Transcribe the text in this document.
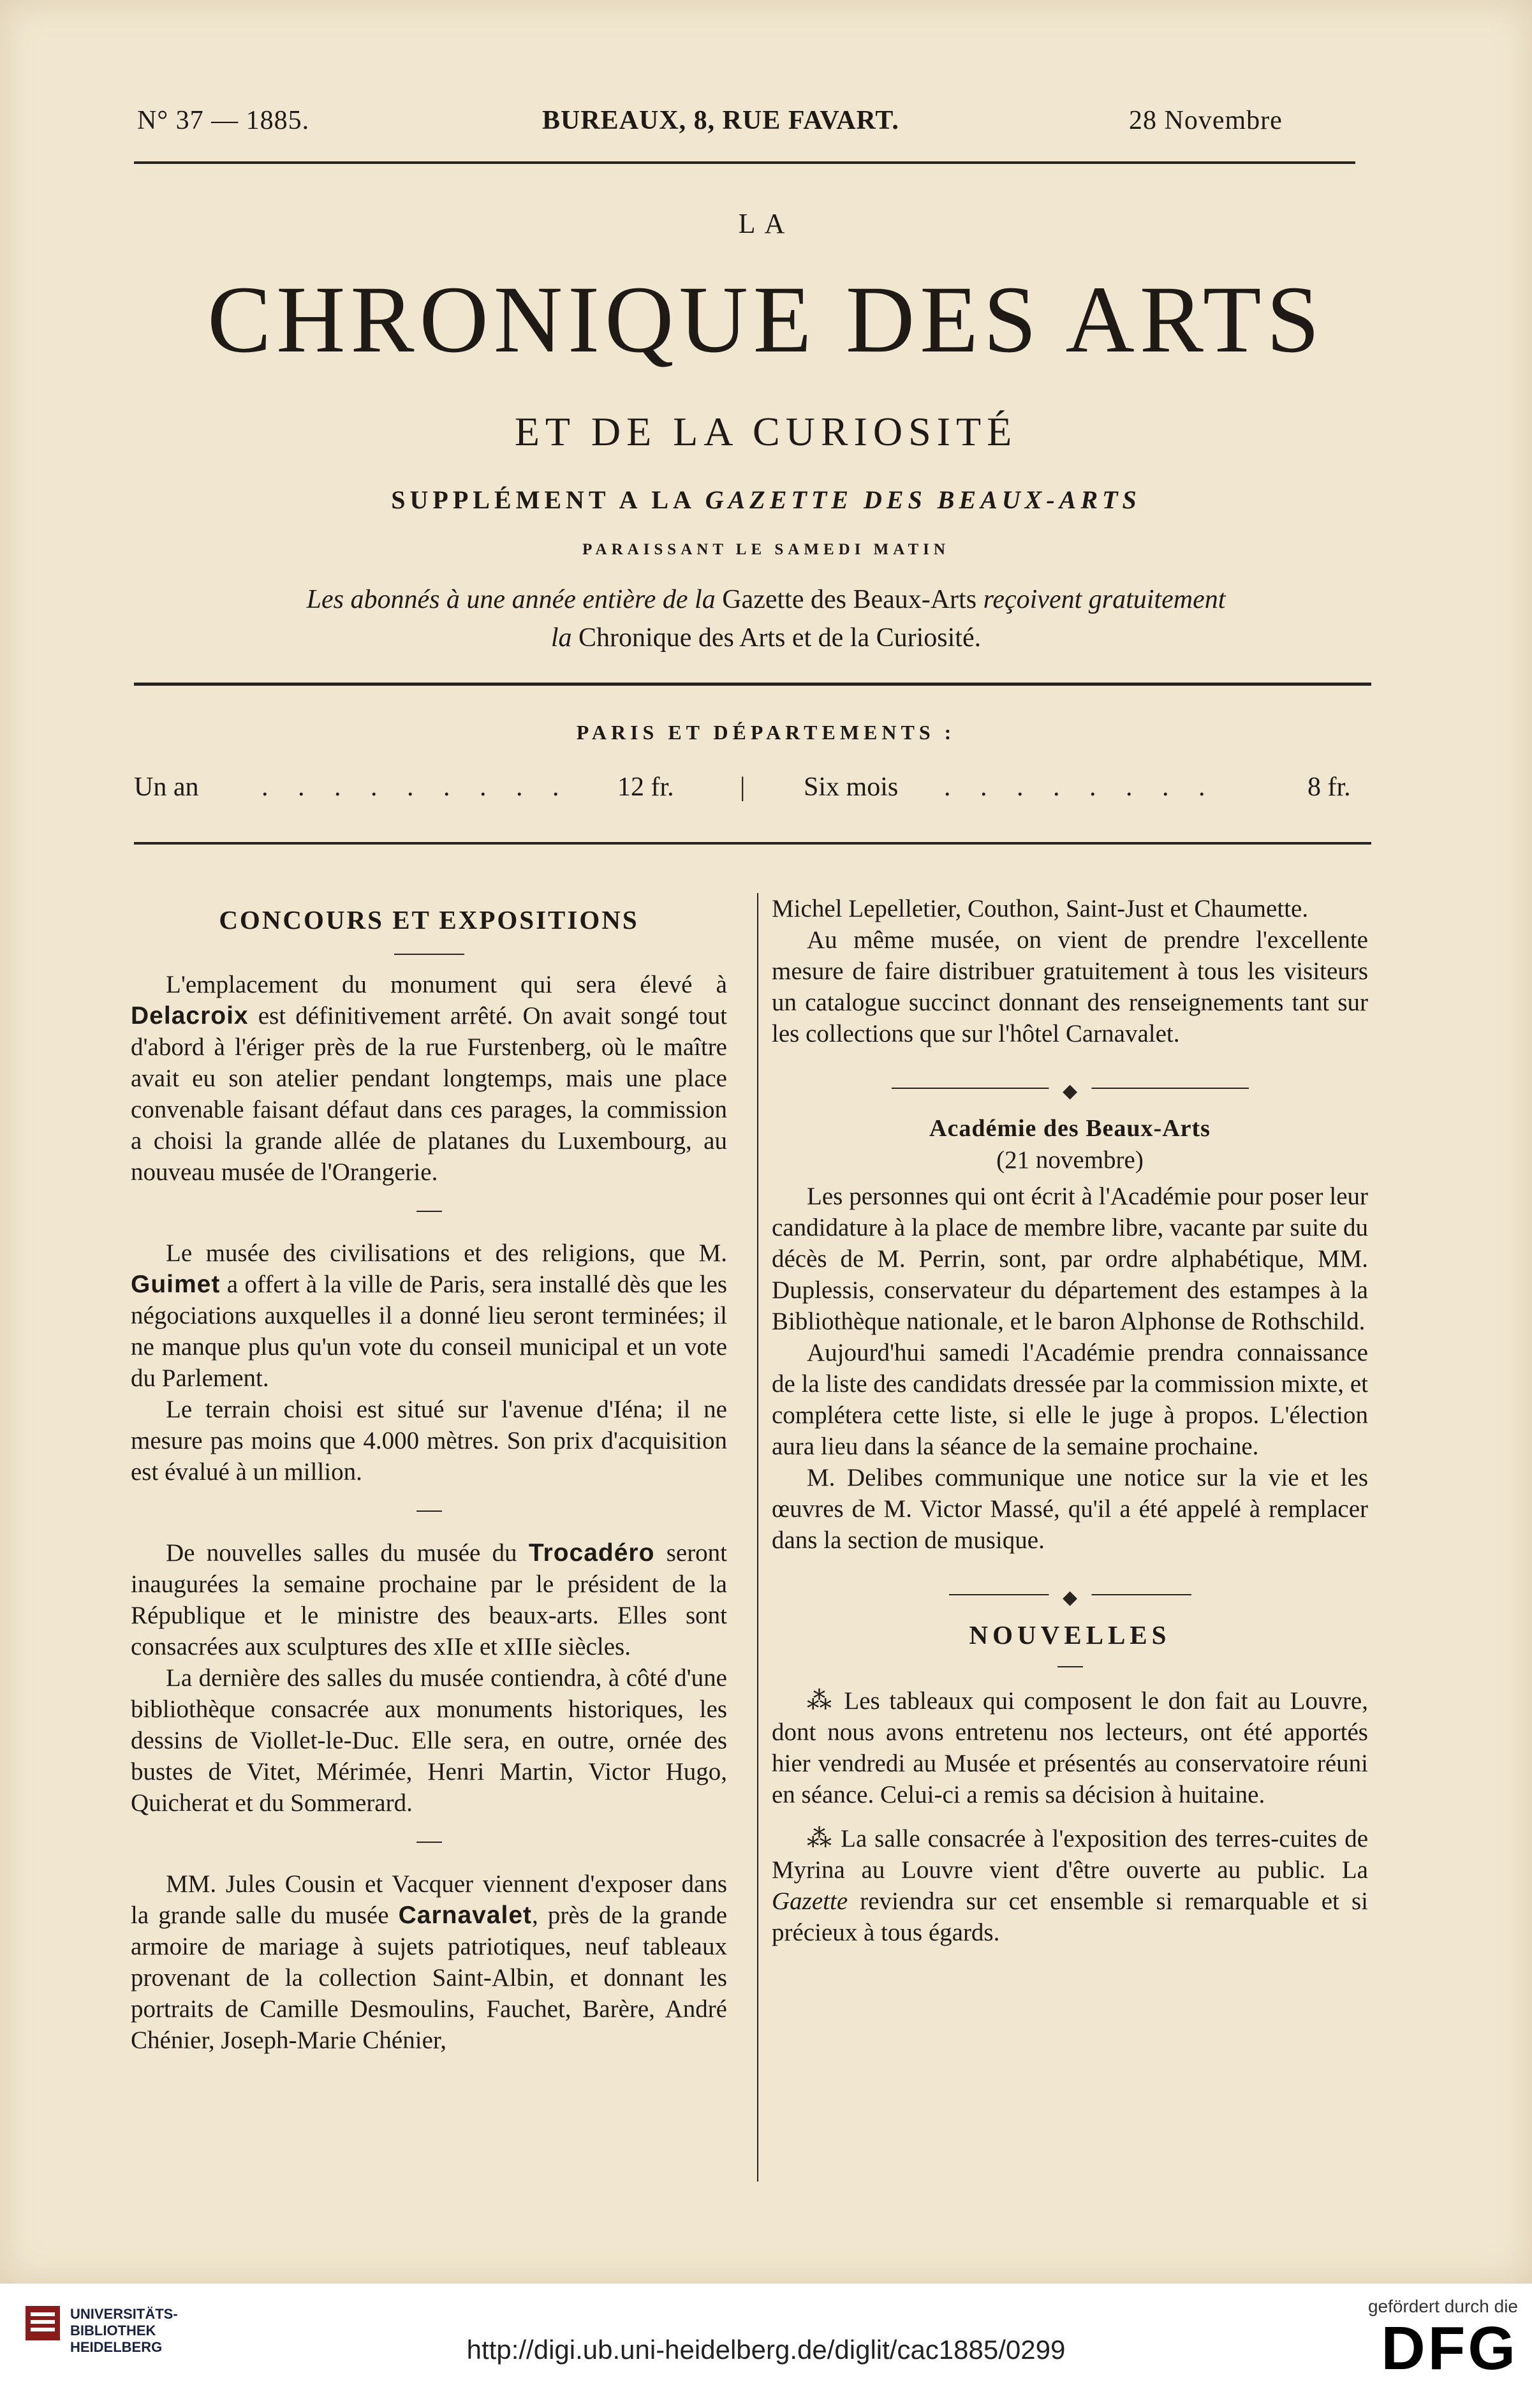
N° 37 — 1885.	BUREAUX, 8, RUE FAVART.	28 Novembre
LA
CHRONIQUE DES ARTS
ET DE LA CURIOSITÉ
SUPPLÉMENT A LA GAZETTE DES BEAUX-ARTS
PARAISSANT LE SAMEDI MATIN
Les abonnés à une année entière de la Gazette des Beaux-Arts reçoivent gratuitement
la Chronique des Arts et de la Curiosité.
PARIS ET DÉPARTEMENTS :
Un an . . . . . . . . . 12 fr. | Six mois . . . . . . . .	8 fr.

CONCOURS ET EXPOSITIONS

L'emplacement du monument qui sera élevé à Delacroix est définitivement arrêté. On avait songé tout d'abord à l'ériger près de la rue Furstenberg, où le maître avait eu son atelier pendant longtemps, mais une place convenable faisant défaut dans ces parages, la commission a choisi la grande allée de platanes du Luxembourg, au nouveau musée de l'Orangerie.

Le musée des civilisations et des religions, que M. Guimet a offert à la ville de Paris, sera installé dès que les négociations auxquelles il a donné lieu seront terminées; il ne manque plus qu'un vote du conseil municipal et un vote du Parlement.

Le terrain choisi est situé sur l'avenue d'Iéna; il ne mesure pas moins que 4.000 mètres. Son prix d'acquisition est évalué à un million.

De nouvelles salles du musée du Trocadéro seront inaugurées la semaine prochaine par le président de la République et le ministre des beaux-arts. Elles sont consacrées aux sculptures des xIIe et xIIIe siècles.

La dernière des salles du musée contiendra, à côté d'une bibliothèque consacrée aux monuments historiques, les dessins de Viollet-le-Duc. Elle sera, en outre, ornée des bustes de Vitet, Mérimée, Henri Martin, Victor Hugo, Quicherat et du Sommerard.

MM. Jules Cousin et Vacquer viennent d'exposer dans la grande salle du musée Carnavalet, près de la grande armoire de mariage à sujets patriotiques, neuf tableaux provenant de la collection Saint-Albin, et donnant les portraits de Camille Desmoulins, Fauchet, Barère, André Chénier, Joseph-Marie Chénier,

Michel Lepelletier, Couthon, Saint-Just et Chaumette.

Au même musée, on vient de prendre l'excellente mesure de faire distribuer gratuitement à tous les visiteurs un catalogue succinct donnant des renseignements tant sur les collections que sur l'hôtel Carnavalet.

◆

Académie des Beaux-Arts

(21 novembre)

Les personnes qui ont écrit à l'Académie pour poser leur candidature à la place de membre libre, vacante par suite du décès de M. Perrin, sont, par ordre alphabétique, MM. Duplessis, conservateur du département des estampes à la Bibliothèque nationale, et le baron Alphonse de Rothschild.

Aujourd'hui samedi l'Académie prendra connaissance de la liste des candidats dressée par la commission mixte, et complétera cette liste, si elle le juge à propos. L'élection aura lieu dans la séance de la semaine prochaine.

M. Delibes communique une notice sur la vie et les œuvres de M. Victor Massé, qu'il a été appelé à remplacer dans la section de musique.

◆

NOUVELLES

⁂ Les tableaux qui composent le don fait au Louvre, dont nous avons entretenu nos lecteurs, ont été apportés hier vendredi au Musée et présentés au conservatoire réuni en séance. Celui-ci a remis sa décision à huitaine.

⁂ La salle consacrée à l'exposition des terres-cuites de Myrina au Louvre vient d'être ouverte au public. La Gazette reviendra sur cet ensemble si remarquable et si précieux à tous égards.

UNIVERSITÄTS-
BIBLIOTHEK
HEIDELBERG	http://digi.ub.uni-heidelberg.de/diglit/cac1885/0299
gefördert durch die
DFG
